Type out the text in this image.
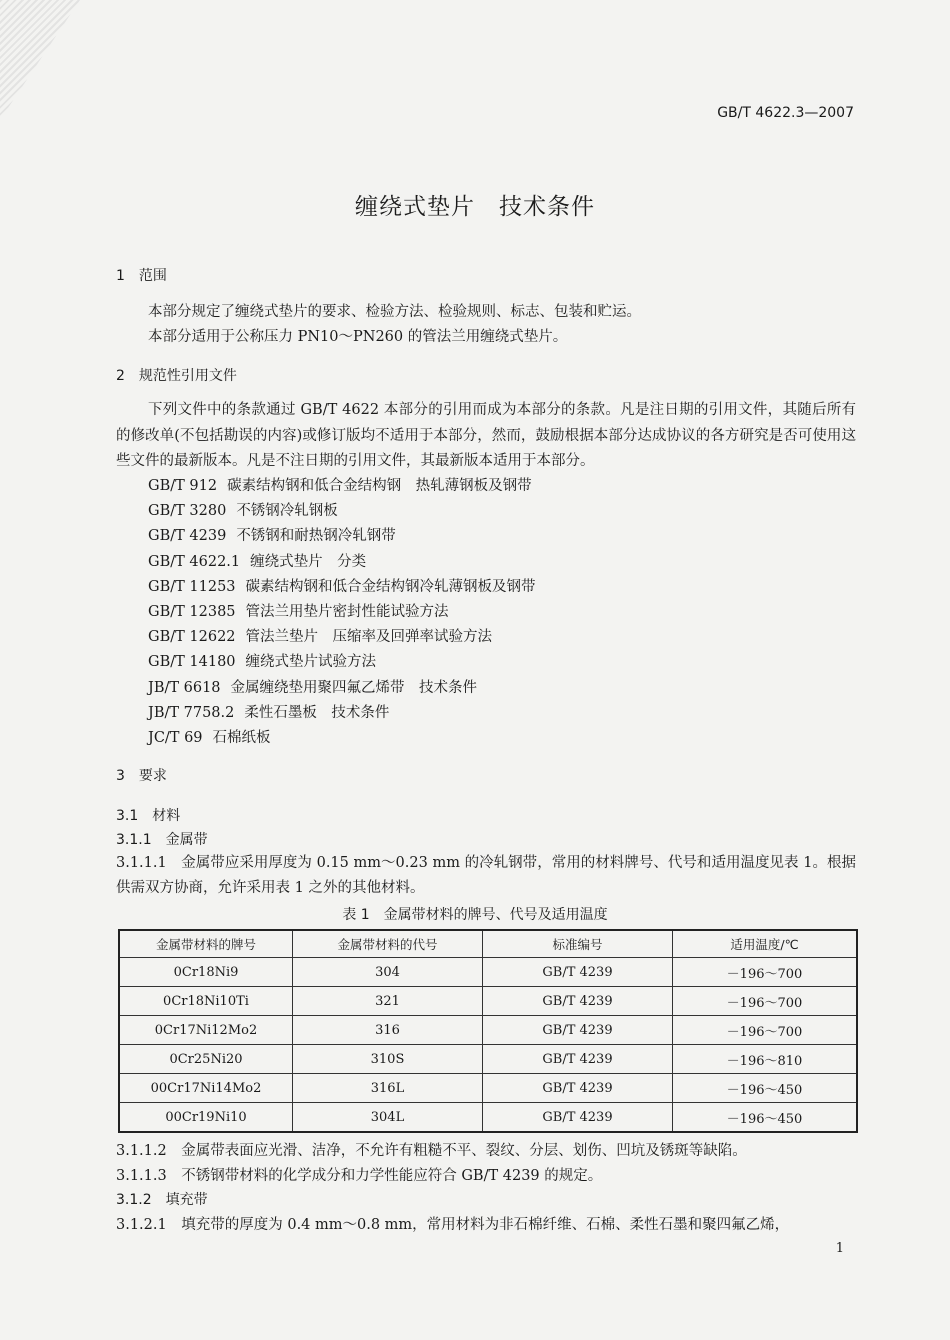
GB/T 4622.3—2007
缠绕式垫片　技术条件
1　范围
本部分规定了缠绕式垫片的要求、检验方法、检验规则、标志、包装和贮运。
本部分适用于公称压力 PN10～PN260 的管法兰用缠绕式垫片。
2　规范性引用文件
下列文件中的条款通过 GB/T 4622 本部分的引用而成为本部分的条款。凡是注日期的引用文件，其随后所有的修改单(不包括勘误的内容)或修订版均不适用于本部分，然而，鼓励根据本部分达成协议的各方研究是否可使用这些文件的最新版本。凡是不注日期的引用文件，其最新版本适用于本部分。
GB/T 912 碳素结构钢和低合金结构钢　热轧薄钢板及钢带
GB/T 3280 不锈钢冷轧钢板
GB/T 4239 不锈钢和耐热钢冷轧钢带
GB/T 4622.1 缠绕式垫片　分类
GB/T 11253 碳素结构钢和低合金结构钢冷轧薄钢板及钢带
GB/T 12385 管法兰用垫片密封性能试验方法
GB/T 12622 管法兰垫片　压缩率及回弹率试验方法
GB/T 14180 缠绕式垫片试验方法
JB/T 6618 金属缠绕垫用聚四氟乙烯带　技术条件
JB/T 7758.2 柔性石墨板　技术条件
JC/T 69 石棉纸板
3　要求
3.1　材料
3.1.1　金属带
3.1.1.1　金属带应采用厚度为 0.15 mm～0.23 mm 的冷轧钢带，常用的材料牌号、代号和适用温度见表 1。根据供需双方协商，允许采用表 1 之外的其他材料。
表 1　金属带材料的牌号、代号及适用温度
金属带材料的牌号	金属带材料的代号	标准编号	适用温度/℃
0Cr18Ni9	304	GB/T 4239	－196～700
0Cr18Ni10Ti	321	GB/T 4239	－196～700
0Cr17Ni12Mo2	316	GB/T 4239	－196～700
0Cr25Ni20	310S	GB/T 4239	－196～810
00Cr17Ni14Mo2	316L	GB/T 4239	－196～450
00Cr19Ni10	304L	GB/T 4239	－196～450
3.1.1.2　金属带表面应光滑、洁净，不允许有粗糙不平、裂纹、分层、划伤、凹坑及锈斑等缺陷。
3.1.1.3　不锈钢带材料的化学成分和力学性能应符合 GB/T 4239 的规定。
3.1.2　填充带
3.1.2.1　填充带的厚度为 0.4 mm～0.8 mm，常用材料为非石棉纤维、石棉、柔性石墨和聚四氟乙烯，
1
